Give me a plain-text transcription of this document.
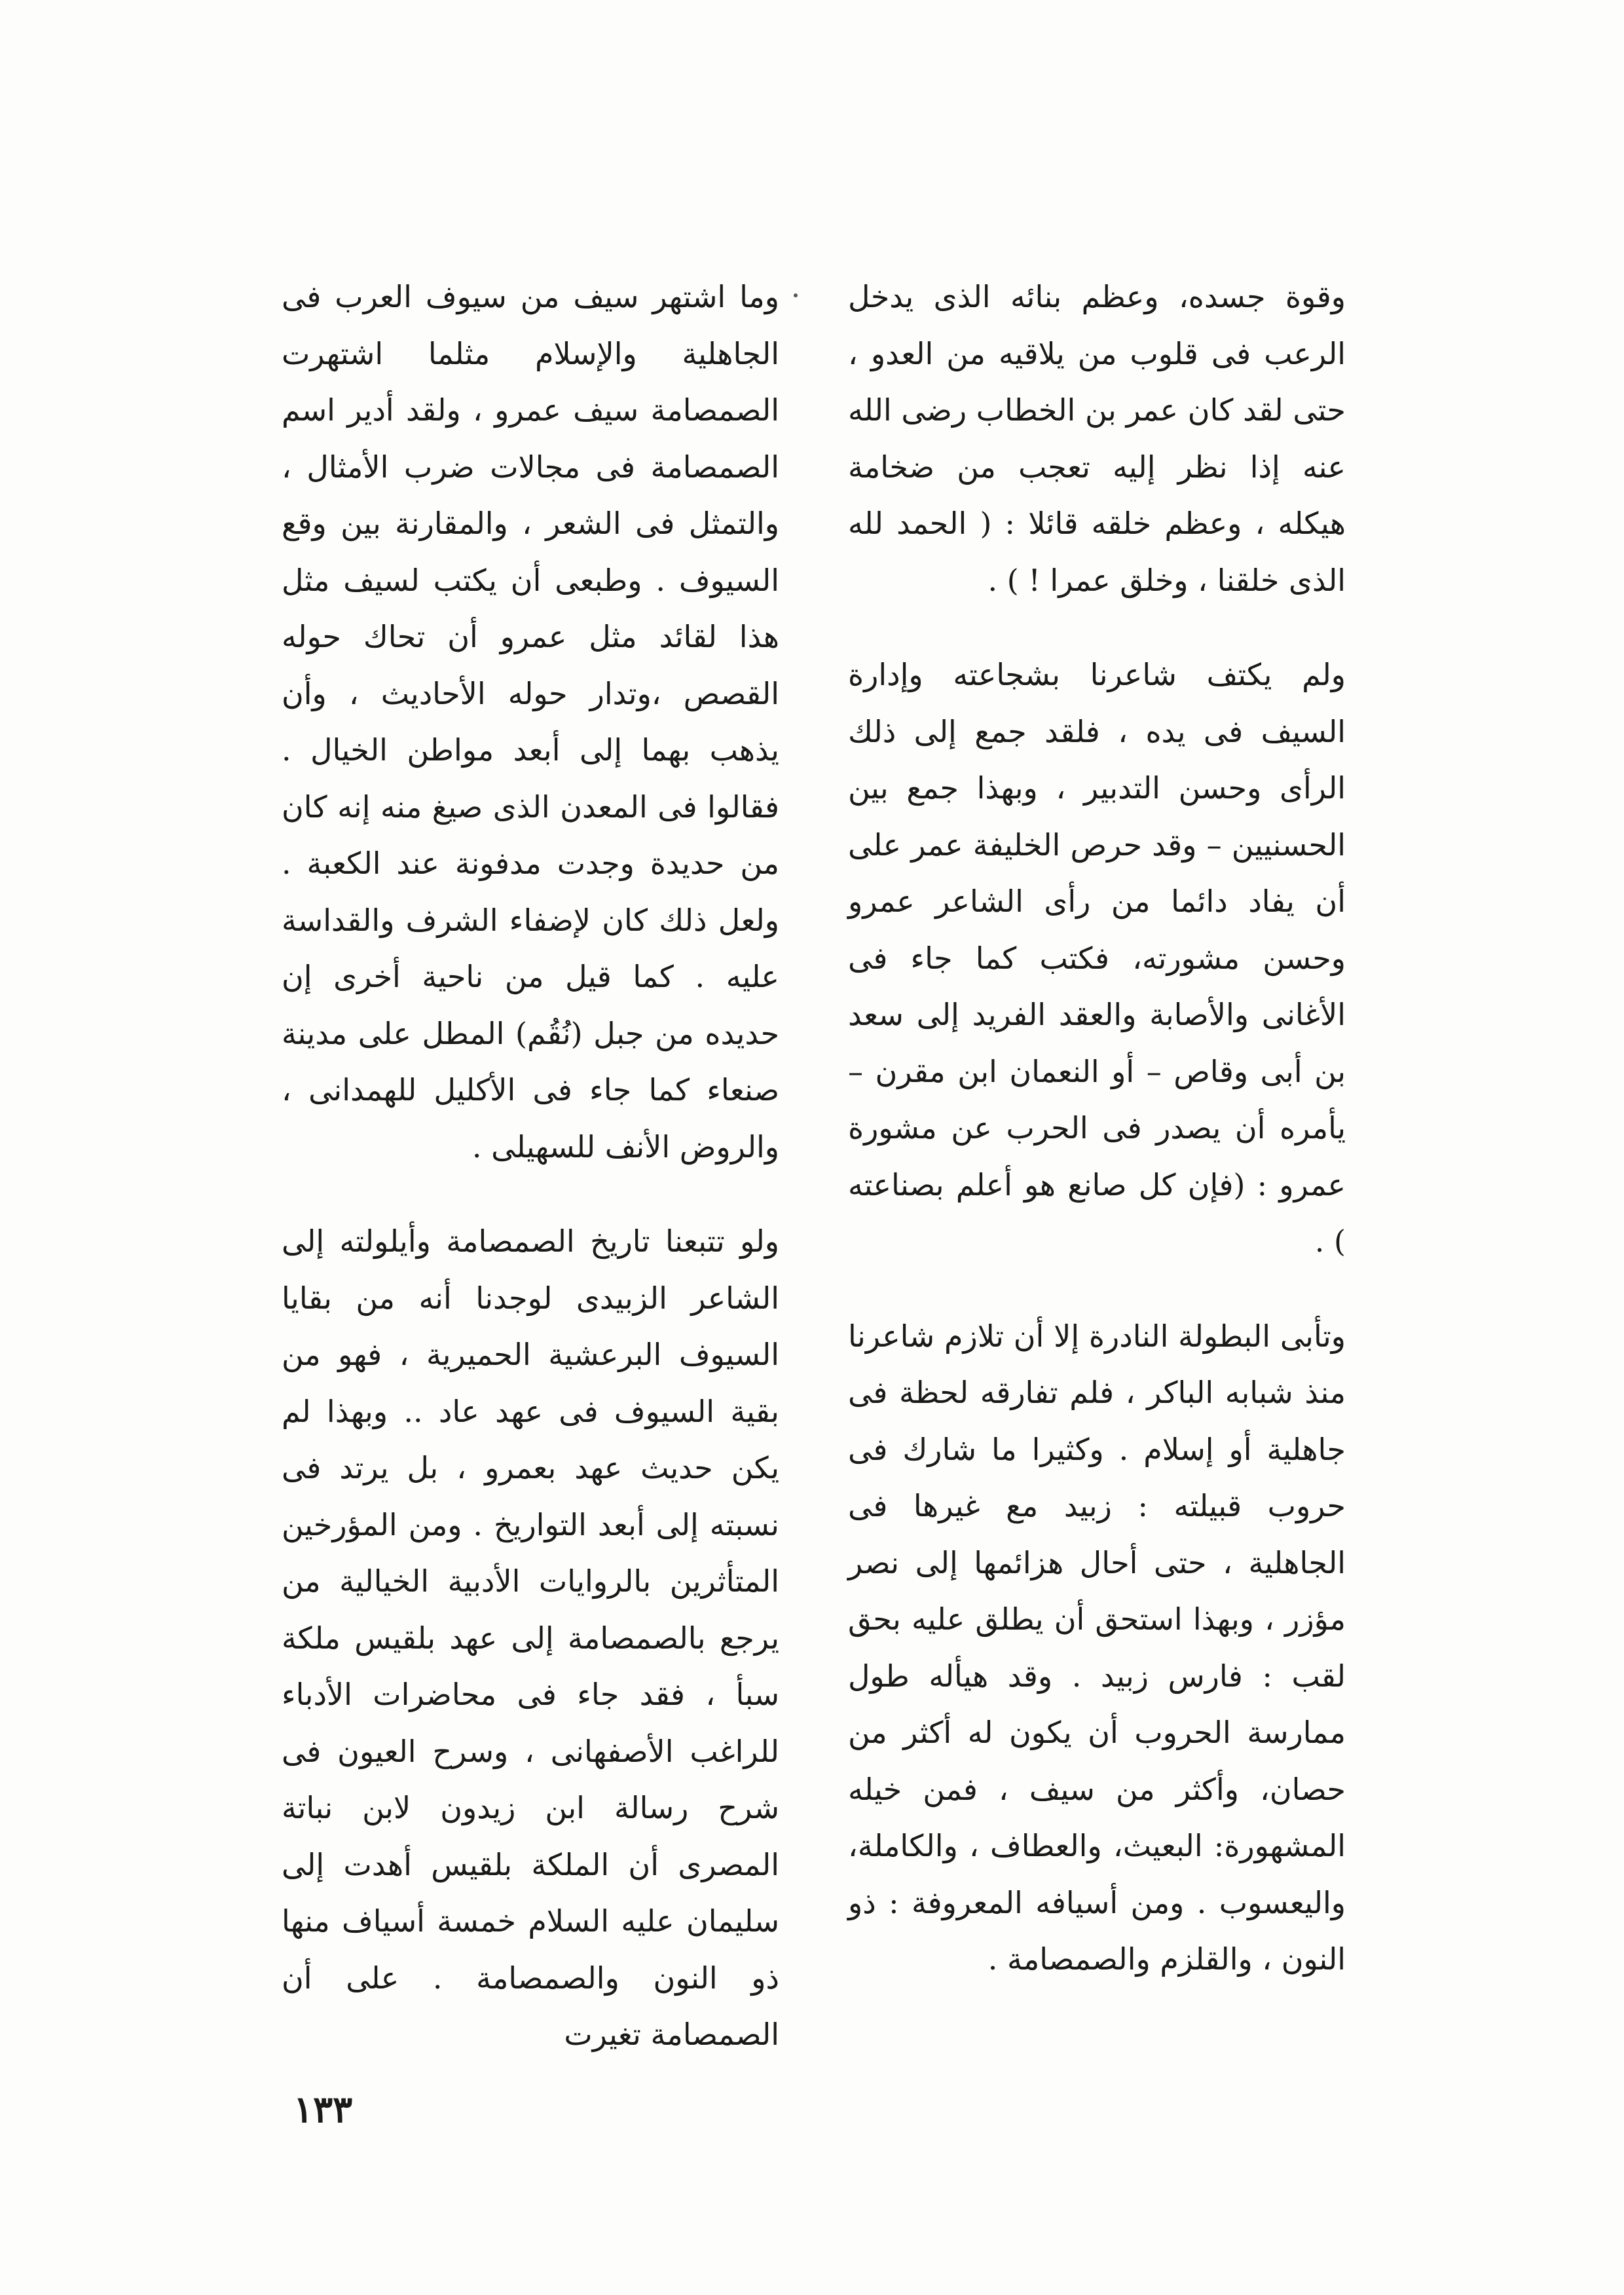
وقوة جسده، وعظم بنائه الذى يدخل الرعب فى قلوب من يلاقيه من العدو ، حتى لقد كان عمر بن الخطاب رضى الله عنه إذا نظر إليه تعجب من ضخامة هيكله ، وعظم خلقه قائلا : ( الحمد لله الذى خلقنا ، وخلق عمرا ! ) .

ولم يكتف شاعرنا بشجاعته وإدارة السيف فى يده ، فلقد جمع إلى ذلك الرأى وحسن التدبير ، وبهذا جمع بين الحسنيين – وقد حرص الخليفة عمر على أن يفاد دائما من رأى الشاعر عمرو وحسن مشورته، فكتب كما جاء فى الأغانى والأصابة والعقد الفريد إلى سعد بن أبى وقاص – أو النعمان ابن مقرن – يأمره أن يصدر فى الحرب عن مشورة عمرو : (فإن كل صانع هو أعلم بصناعته ) .

وتأبى البطولة النادرة إلا أن تلازم شاعرنا منذ شبابه الباكر ، فلم تفارقه لحظة فى جاهلية أو إسلام . وكثيرا ما شارك فى حروب قبيلته : زبيد مع غيرها فى الجاهلية ، حتى أحال هزائمها إلى نصر مؤزر ، وبهذا استحق أن يطلق عليه بحق لقب : فارس زبيد . وقد هيأله طول ممارسة الحروب أن يكون له أكثر من حصان، وأكثر من سيف ، فمن خيله المشهورة: البعيث، والعطاف ، والكاملة، واليعسوب . ومن أسيافه المعروفة : ذو النون ، والقلزم والصمصامة .

وما اشتهر سيف من سيوف العرب فى الجاهلية والإسلام مثلما اشتهرت الصمصامة سيف عمرو ، ولقد أدير اسم الصمصامة فى مجالات ضرب الأمثال ، والتمثل فى الشعر ، والمقارنة بين وقع السيوف . وطبعى أن يكتب لسيف مثل هذا لقائد مثل عمرو أن تحاك حوله القصص ،وتدار حوله الأحاديث ، وأن يذهب بهما إلى أبعد مواطن الخيال . فقالوا فى المعدن الذى صيغ منه إنه كان من حديدة وجدت مدفونة عند الكعبة . ولعل ذلك كان لإضفاء الشرف والقداسة عليه . كما قيل من ناحية أخرى إن حديده من جبل (نُقُم) المطل على مدينة صنعاء كما جاء فى الأكليل للهمدانى ، والروض الأنف للسهيلى .

ولو تتبعنا تاريخ الصمصامة وأيلولته إلى الشاعر الزبيدى لوجدنا أنه من بقايا السيوف البرعشية الحميرية ، فهو من بقية السيوف فى عهد عاد .. وبهذا لم يكن حديث عهد بعمرو ، بل يرتد فى نسبته إلى أبعد التواريخ . ومن المؤرخين المتأثرين بالروايات الأدبية الخيالية من يرجع بالصمصامة إلى عهد بلقيس ملكة سبأ ، فقد جاء فى محاضرات الأدباء للراغب الأصفهانى ، وسرح العيون فى شرح رسالة ابن زيدون لابن نباتة المصرى أن الملكة بلقيس أهدت إلى سليمان عليه السلام خمسة أسياف منها ذو النون والصمصامة . على أن الصمصامة تغيرت

١٣٣
